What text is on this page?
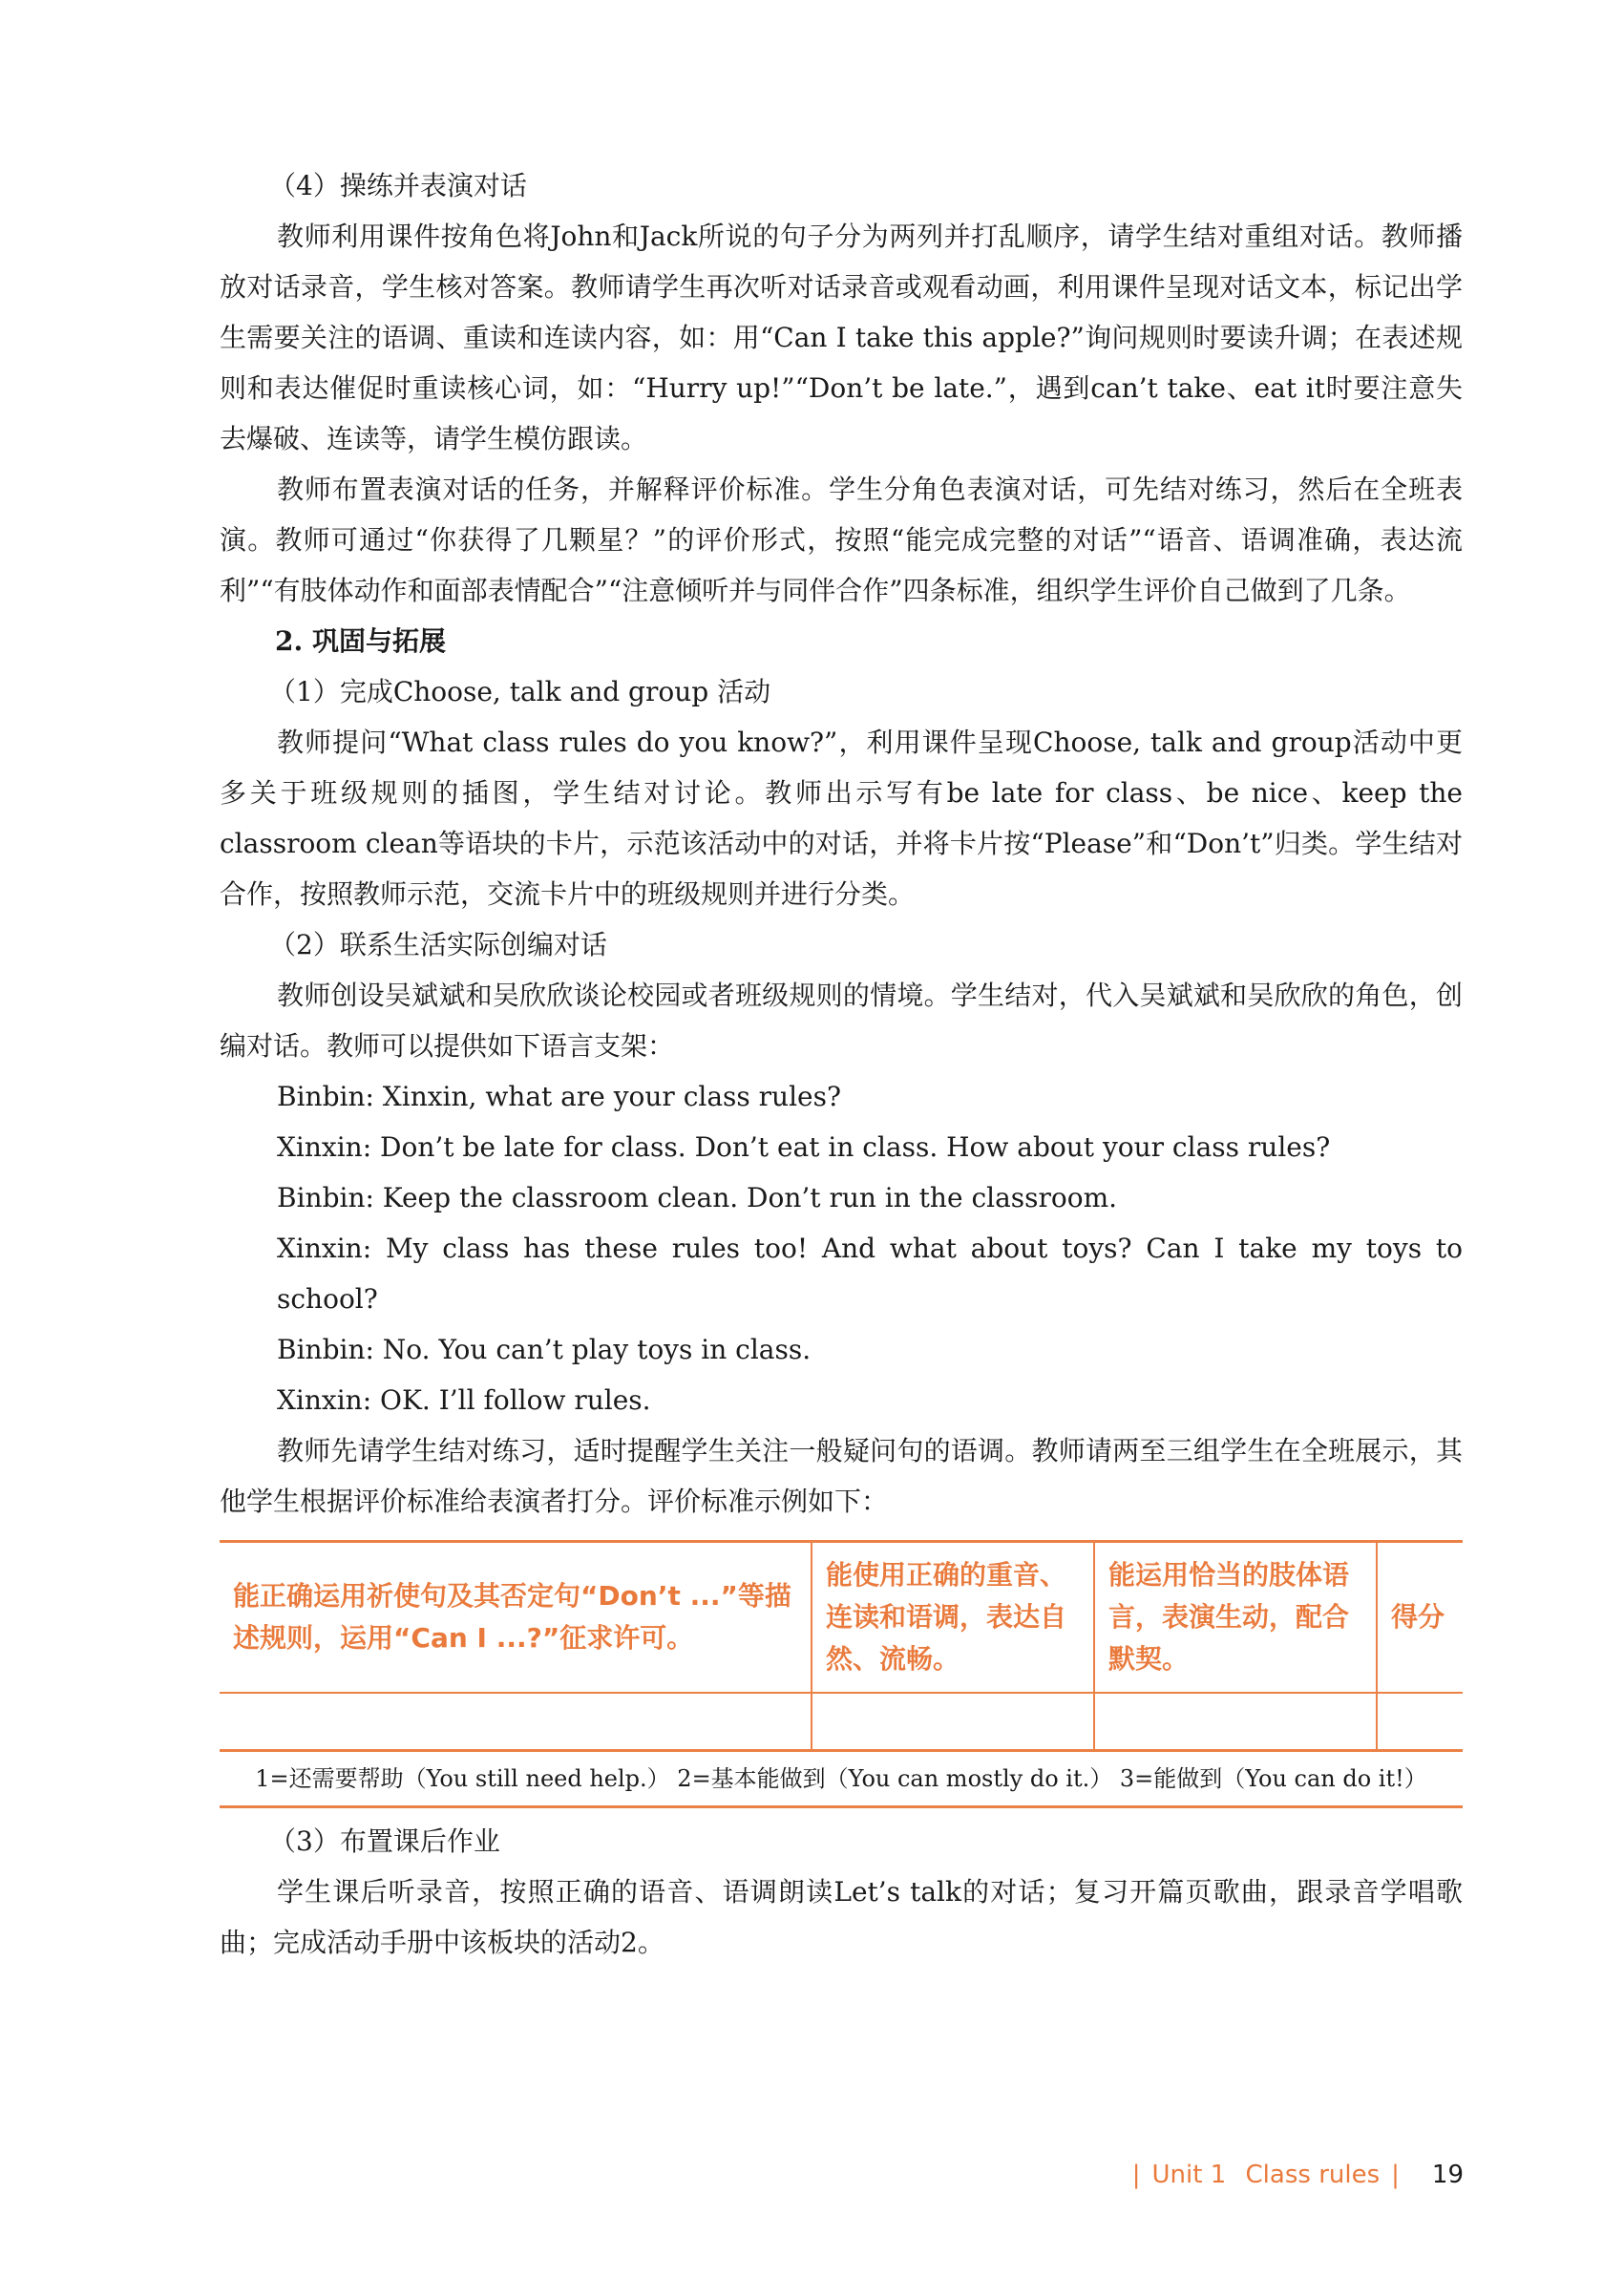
（4）操练并表演对话

教师利用课件按角色将John和Jack所说的句子分为两列并打乱顺序，请学生结对重组对话。教师播放对话录音，学生核对答案。教师请学生再次听对话录音或观看动画，利用课件呈现对话文本，标记出学生需要关注的语调、重读和连读内容，如：用“Can I take this apple?”询问规则时要读升调；在表述规则和表达催促时重读核心词，如：“Hurry up!”“Don’t be late.”，遇到can’t take、eat it时要注意失去爆破、连读等，请学生模仿跟读。

教师布置表演对话的任务，并解释评价标准。学生分角色表演对话，可先结对练习，然后在全班表演。教师可通过“你获得了几颗星？”的评价形式，按照“能完成完整的对话”“语音、语调准确，表达流利”“有肢体动作和面部表情配合”“注意倾听并与同伴合作”四条标准，组织学生评价自己做到了几条。

2. 巩固与拓展

（1）完成Choose, talk and group 活动

教师提问“What class rules do you know?”，利用课件呈现Choose, talk and group活动中更多关于班级规则的插图，学生结对讨论。教师出示写有be late for class、be nice、keep the classroom clean等语块的卡片，示范该活动中的对话，并将卡片按“Please”和“Don’t”归类。学生结对合作，按照教师示范，交流卡片中的班级规则并进行分类。

（2）联系生活实际创编对话

教师创设吴斌斌和吴欣欣谈论校园或者班级规则的情境。学生结对，代入吴斌斌和吴欣欣的角色，创编对话。教师可以提供如下语言支架：

Binbin: Xinxin, what are your class rules?

Xinxin: Don’t be late for class. Don’t eat in class. How about your class rules?

Binbin: Keep the classroom clean. Don’t run in the classroom.

Xinxin: My class has these rules too! And what about toys? Can I take my toys to school?

Binbin: No. You can’t play toys in class.

Xinxin: OK. I’ll follow rules.

教师先请学生结对练习，适时提醒学生关注一般疑问句的语调。教师请两至三组学生在全班展示，其他学生根据评价标准给表演者打分。评价标准示例如下：

能正确运用祈使句及其否定句“Don’t ...”等描述规则，运用“Can I ...?”征求许可。	能使用正确的重音、连读和语调，表达自然、流畅。	能运用恰当的肢体语言，表演生动，配合默契。	得分

1=还需要帮助（You still need help.） 2=基本能做到（You can mostly do it.） 3=能做到（You can do it!）

（3）布置课后作业

学生课后听录音，按照正确的语音、语调朗读Let’s talk的对话；复习开篇页歌曲，跟录音学唱歌曲；完成活动手册中该板块的活动2。

| Unit 1 Class rules | 19
